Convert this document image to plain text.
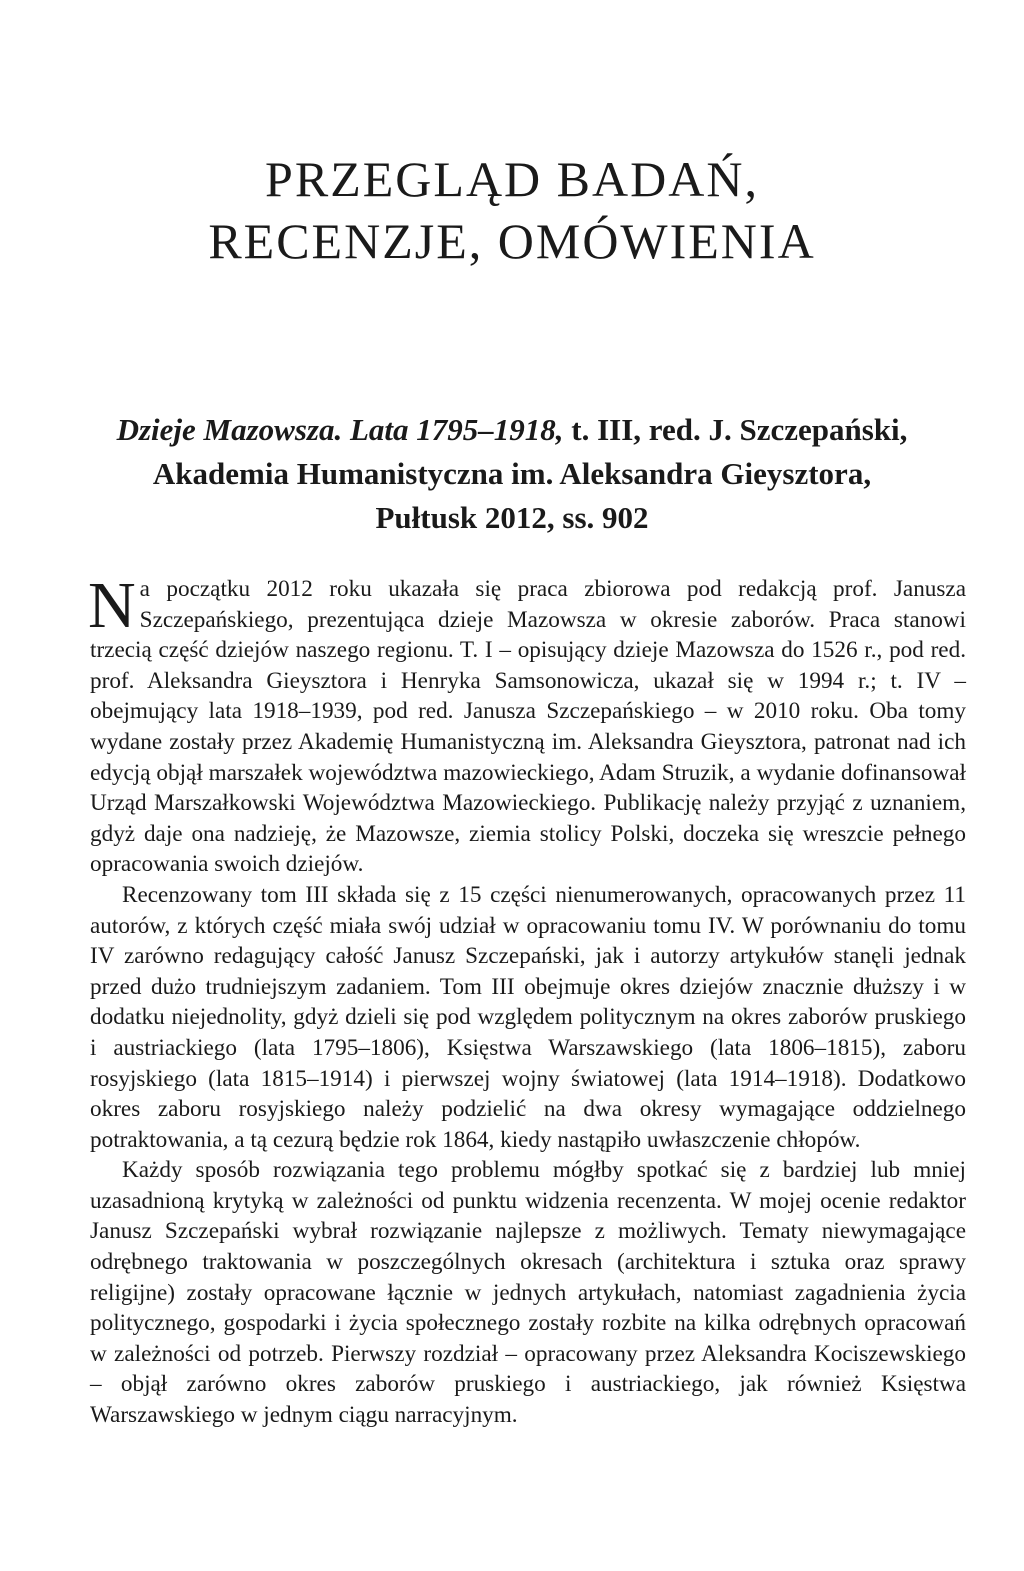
PRZEGLĄD BADAŃ,
RECENZJE, OMÓWIENIA
Dzieje Mazowsza. Lata 1795–1918, t. III, red. J. Szczepański,
Akademia Humanistyczna im. Aleksandra Gieysztora,
Pułtusk 2012, ss. 902

Na początku 2012 roku ukazała się praca zbiorowa pod redakcją prof. Janusza Szczepańskiego, prezentująca dzieje Mazowsza w okresie zaborów. Praca stanowi trzecią część dziejów naszego regionu. T. I – opisujący dzieje Mazowsza do 1526 r., pod red. prof. Aleksandra Gieysztora i Henryka Samsonowicza, ukazał się w 1994 r.; t. IV – obejmujący lata 1918–1939, pod red. Janusza Szczepańskiego – w 2010 roku. Oba tomy wydane zostały przez Akademię Humanistyczną im. Aleksandra Gieysztora, patronat nad ich edycją objął marszałek województwa mazowieckiego, Adam Struzik, a wydanie dofinansował Urząd Marszałkowski Województwa Mazowieckiego. Publikację należy przyjąć z uznaniem, gdyż daje ona nadzieję, że Mazowsze, ziemia stolicy Polski, doczeka się wreszcie pełnego opracowania swoich dziejów.

Recenzowany tom III składa się z 15 części nienumerowanych, opracowanych przez 11 autorów, z których część miała swój udział w opracowaniu tomu IV. W porównaniu do tomu IV zarówno redagujący całość Janusz Szczepański, jak i autorzy artykułów stanęli jednak przed dużo trudniejszym zadaniem. Tom III obejmuje okres dziejów znacznie dłuższy i w dodatku niejednolity, gdyż dzieli się pod względem politycznym na okres zaborów pruskiego i austriackiego (lata 1795–1806), Księstwa Warszawskiego (lata 1806–1815), zaboru rosyjskiego (lata 1815–1914) i pierwszej wojny światowej (lata 1914–1918). Dodatkowo okres zaboru rosyjskiego należy podzielić na dwa okresy wymagające oddzielnego potraktowania, a tą cezurą będzie rok 1864, kiedy nastąpiło uwłaszczenie chłopów.

Każdy sposób rozwiązania tego problemu mógłby spotkać się z bardziej lub mniej uzasadnioną krytyką w zależności od punktu widzenia recenzenta. W mojej ocenie redaktor Janusz Szczepański wybrał rozwiązanie najlepsze z możliwych. Tematy niewymagające odrębnego traktowania w poszczególnych okresach (architektura i sztuka oraz sprawy religijne) zostały opracowane łącznie w jednych artykułach, natomiast zagadnienia życia politycznego, gospodarki i życia społecznego zostały rozbite na kilka odrębnych opracowań w zależności od potrzeb. Pierwszy rozdział – opracowany przez Aleksandra Kociszewskiego – objął zarówno okres zaborów pruskiego i austriackiego, jak również Księstwa Warszawskiego w jednym ciągu narracyjnym.
